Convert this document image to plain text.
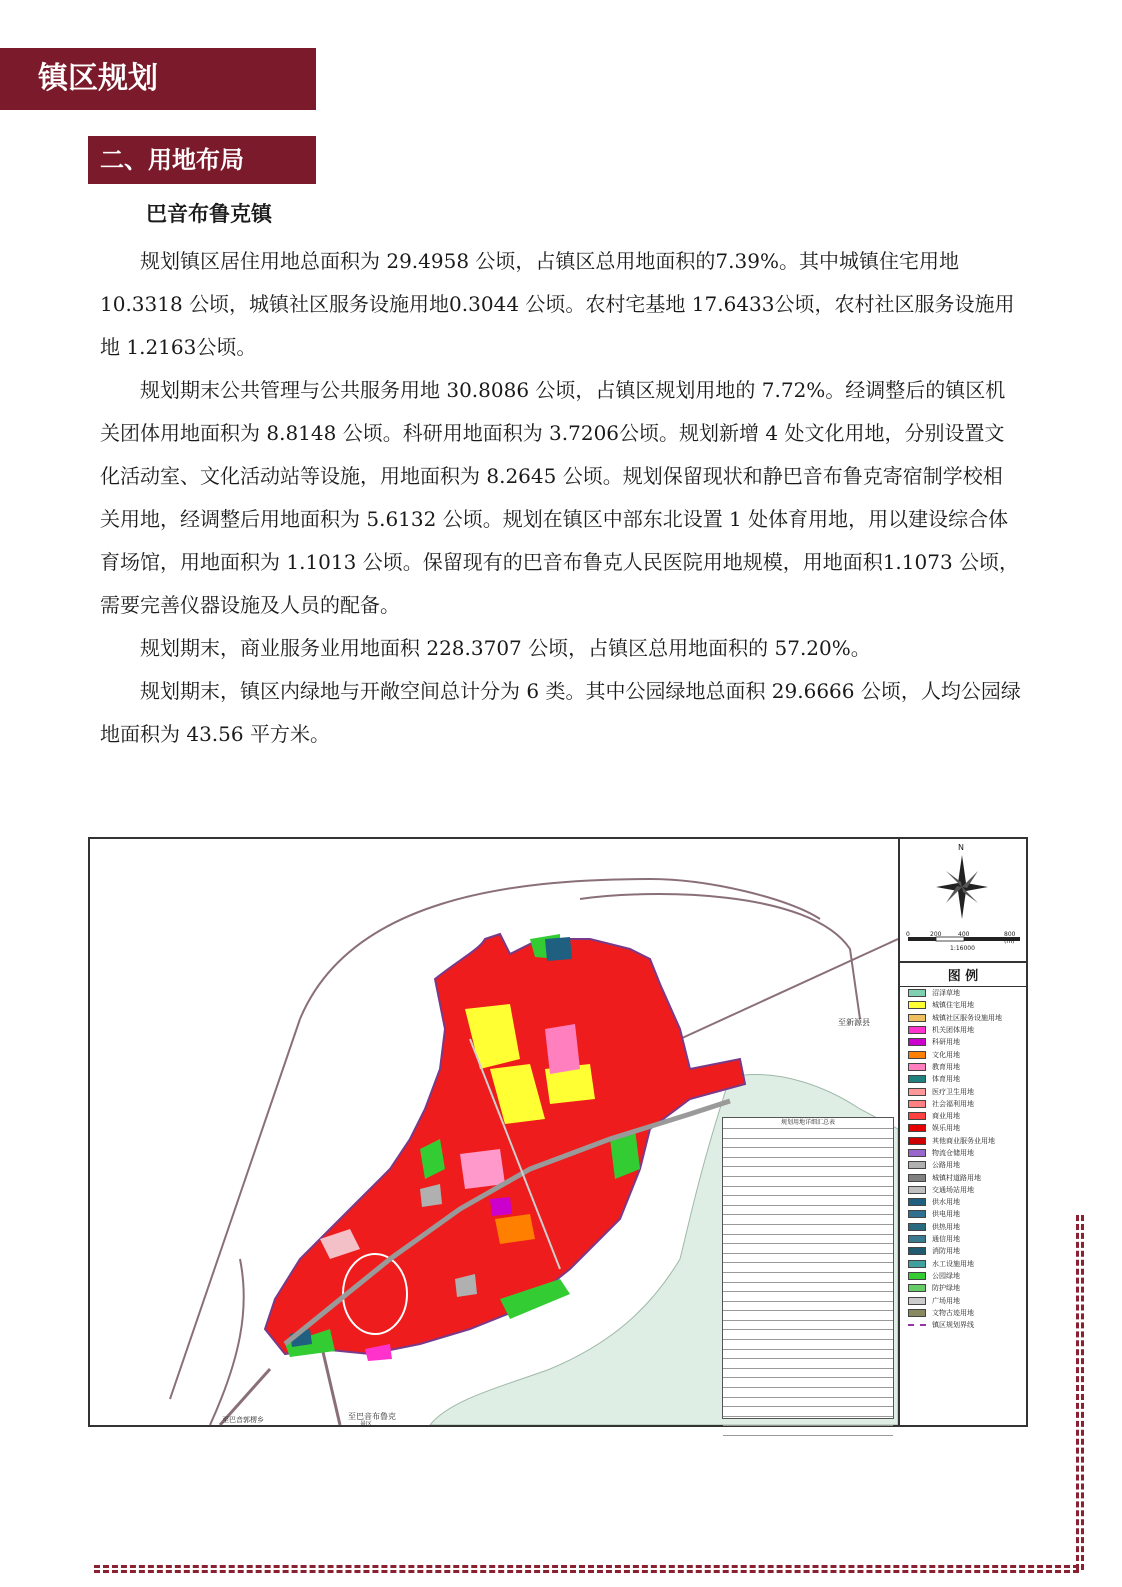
镇区规划
二、用地布局
巴音布鲁克镇

规划镇区居住用地总面积为 29.4958 公顷，占镇区总用地面积的7.39%。其中城镇住宅用地 10.3318 公顷，城镇社区服务设施用地0.3044 公顷。农村宅基地 17.6433公顷，农村社区服务设施用地 1.2163公顷。

规划期末公共管理与公共服务用地 30.8086 公顷，占镇区规划用地的 7.72%。经调整后的镇区机关团体用地面积为 8.8148 公顷。科研用地面积为 3.7206公顷。规划新增 4 处文化用地，分别设置文化活动室、文化活动站等设施，用地面积为 8.2645 公顷。规划保留现状和静巴音布鲁克寄宿制学校相关用地，经调整后用地面积为 5.6132 公顷。规划在镇区中部东北设置 1 处体育用地，用以建设综合体育场馆，用地面积为 1.1013 公顷。保留现有的巴音布鲁克人民医院用地规模，用地面积1.1073 公顷，需要完善仪器设施及人员的配备。

规划期末，商业服务业用地面积 228.3707 公顷，占镇区总用地面积的 57.20%。

规划期末，镇区内绿地与开敞空间总计分为 6 类。其中公园绿地总面积 29.6666 公顷，人均公园绿地面积为 43.56 平方米。

至新源县
至巴音布鲁克
景区
至巴音郭楞乡
规划用地详细汇总表
N
0	200	400	800 (m)
1:16000
图 例
沼泽草地
城镇住宅用地
城镇社区服务设施用地
机关团体用地
科研用地
文化用地
教育用地
体育用地
医疗卫生用地
社会福利用地
商业用地
娱乐用地
其他商业服务业用地
物流仓储用地
公路用地
城镇村道路用地
交通场站用地
供水用地
供电用地
供热用地
通信用地
消防用地
水工设施用地
公园绿地
防护绿地
广场用地
文物古迹用地
镇区规划界线
